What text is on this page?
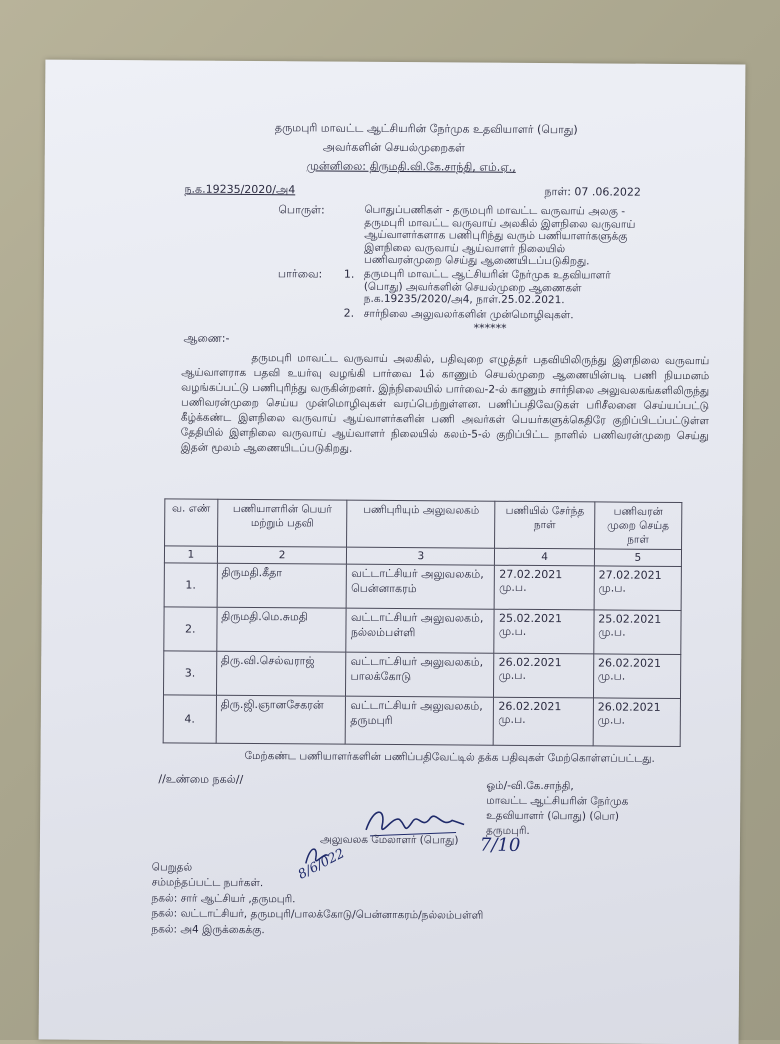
தருமபுரி மாவட்ட ஆட்சியரின் நேர்முக உதவியாளர் (பொது)
அவர்களின் செயல்முறைகள்
முன்னிலை: திருமதி.வி.கே.சாந்தி, எம்.ஏ.,
ந.க.19235/2020/அ4	நாள்: 07 .06.2022
பொருள்:	பொதுப்பணிகள் - தருமபுரி மாவட்ட வருவாய் அலகு -
தருமபுரி மாவட்ட வருவாய் அலகில் இளநிலை வருவாய்
ஆய்வாளர்களாக பணிபுரிந்து வரும் பணியாளர்களுக்கு
இளநிலை வருவாய் ஆய்வாளர் நிலையில்
பணிவரன்முறை செய்து ஆணையிடப்படுகிறது.
பார்வை: 1. தருமபுரி மாவட்ட ஆட்சியரின் நேர்முக உதவியாளர்
(பொது) அவர்களின் செயல்முறை ஆணைகள்
ந.க.19235/2020/அ4, நாள்.25.02.2021.
2. சார்நிலை அலுவலர்களின் முன்மொழிவுகள்.
******
ஆணை:-
தருமபுரி மாவட்ட வருவாய் அலகில், பதிவுறை எழுத்தர் பதவியிலிருந்து இளநிலை வருவாய் ஆய்வாளராக பதவி உயர்வு வழங்கி பார்வை 1ல் காணும் செயல்முறை ஆணையின்படி பணி நியமனம் வழங்கப்பட்டு பணிபுரிந்து வருகின்றனர். இந்நிலையில் பார்வை-2-ல் காணும் சார்நிலை அலுவலகங்களிலிருந்து பணிவரன்முறை செய்ய முன்மொழிவுகள் வரப்பெற்றுள்ளன. பணிப்பதிவேடுகள் பரிசீலனை செய்யப்பட்டு கீழ்க்கண்ட இளநிலை வருவாய் ஆய்வாளர்களின் பணி அவர்கள் பெயர்களுக்கெதிரே குறிப்பிடப்பட்டுள்ள தேதியில் இளநிலை வருவாய் ஆய்வாளர் நிலையில் கலம்-5-ல் குறிப்பிட்ட நாளில் பணிவரன்முறை செய்து இதன் மூலம் ஆணையிடப்படுகிறது.
வ. எண்	பணியாளரின் பெயர் மற்றும் பதவி	பணிபுரியும் அலுவலகம்	பணியில் சேர்ந்த நாள்	பணிவரன் முறை செய்த நாள்
1	2	3	4	5
1.	திருமதி.கீதா	வட்டாட்சியர் அலுவலகம், பென்னாகரம்	27.02.2021 மு.ப.	27.02.2021 மு.ப.
2.	திருமதி.மெ.சுமதி	வட்டாட்சியர் அலுவலகம், நல்லம்பள்ளி	25.02.2021 மு.ப.	25.02.2021 மு.ப.
3.	திரு.வி.செல்வராஜ்	வட்டாட்சியர் அலுவலகம், பாலக்கோடு	26.02.2021 மு.ப.	26.02.2021 மு.ப.
4.	திரு.ஜி.ஞானசேகரன்	வட்டாட்சியர் அலுவலகம், தருமபுரி	26.02.2021 மு.ப.	26.02.2021 மு.ப.
மேற்கண்ட பணியாளர்களின் பணிப்பதிவேட்டில் தக்க பதிவுகள் மேற்கொள்ளப்பட்டது.
//உண்மை நகல்//
ஓம்/-வி.கே.சாந்தி,
மாவட்ட ஆட்சியரின் நேர்முக
உதவியாளர் (பொது) (பொ)
தருமபுரி.
7/10
அலுவலக மேலாளர் (பொது)
8/6/022
பெறுதல்
சம்மந்தப்பட்ட நபர்கள்.
நகல்: சார் ஆட்சியர் ,தருமபுரி.
நகல்: வட்டாட்சியர், தருமபுரி/பாலக்கோடு/பென்னாகரம்/நல்லம்பள்ளி
நகல்: அ4 இருக்கைக்கு.
